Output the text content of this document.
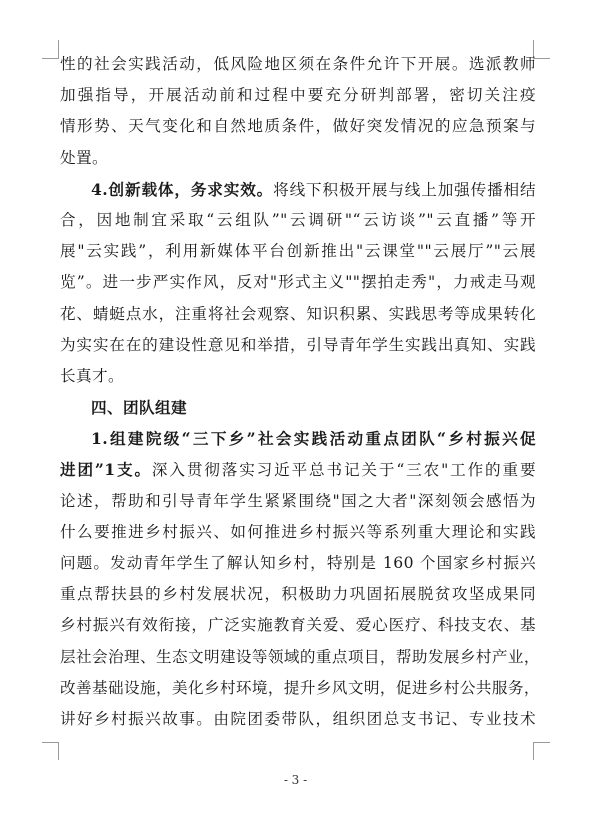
性的社会实践活动，低风险地区须在条件允许下开展。选派教师
加强指导，开展活动前和过程中要充分研判部署，密切关注疫
情形势、天气变化和自然地质条件，做好突发情况的应急预案与
处置。
4.创新载体，务求实效。将线下积极开展与线上加强传播相结
合，因地制宜采取“云组队”"云调研"“云访谈”"云直播”等开
展"云实践”，利用新媒体平台创新推出"云课堂""云展厅”"云展
览”。进一步严实作风，反对"形式主义""摆拍走秀"，力戒走马观
花、蜻蜓点水，注重将社会观察、知识积累、实践思考等成果转化
为实实在在的建设性意见和举措，引导青年学生实践出真知、实践
长真才。
四、团队组建
1.组建院级“三下乡”社会实践活动重点团队“乡村振兴促
进团”1支。深入贯彻落实习近平总书记关于“三农"工作的重要
论述，帮助和引导青年学生紧紧围绕"国之大者"深刻领会感悟为
什么要推进乡村振兴、如何推进乡村振兴等系列重大理论和实践
问题。发动青年学生了解认知乡村，特别是 160 个国家乡村振兴
重点帮扶县的乡村发展状况，积极助力巩固拓展脱贫攻坚成果同
乡村振兴有效衔接，广泛实施教育关爱、爱心医疗、科技支农、基
层社会治理、生态文明建设等领域的重点项目，帮助发展乡村产业，
改善基础设施，美化乡村环境，提升乡风文明，促进乡村公共服务，
讲好乡村振兴故事。由院团委带队，组织团总支书记、专业技术
- 3 -
